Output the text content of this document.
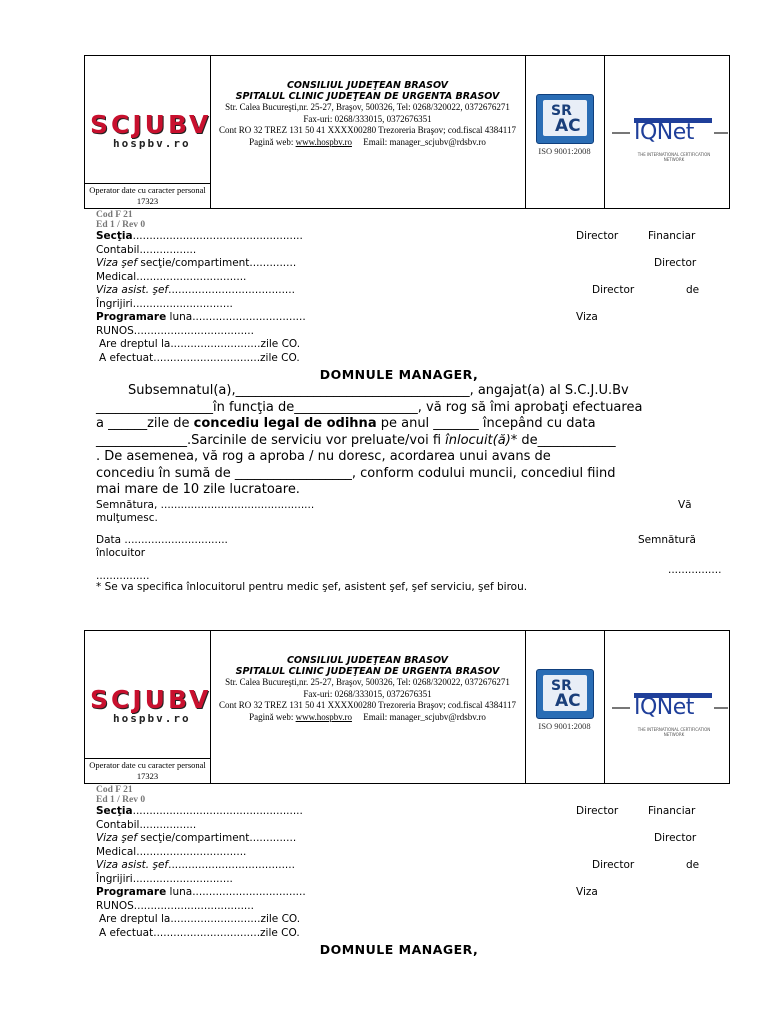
SCJUBV
hospbv.ro
Operator date cu caracter personal 17323
CONSILIUL JUDEŢEAN BRASOV
SPITALUL CLINIC JUDEŢEAN DE URGENTA BRASOV
Str. Calea Bucureşti,nr. 25-27, Braşov, 500326, Tel: 0268/320022, 0372676271
Fax-uri: 0268/333015, 0372676351
Cont RO 32 TREZ 131 50 41 XXXX00280 Trezoreria Braşov; cod.fiscal 4384117
Pagină web: www.hospbv.ro Email: manager_scjubv@rdsbv.ro
SR
AC
ISO 9001:2008
IQNet
THE INTERNATIONAL CERTIFICATION NETWORK
Cod F 21
Ed 1 / Rev 0
Secţia...................................................	Director	Financiar
Contabil.................
Viza şef secţie/compartiment..............	Director
Medical.................................
Viza asist. şef......................................	Director	de
Îngrijiri..............................
Programare luna..................................	Viza
RUNOS....................................
Are dreptul la...........................zile CO.
A efectuat................................zile CO.
DOMNULE MANAGER,
Subsemnatul(a),____________________________________, angajat(a) al S.C.J.U.Bv
__________________în funcţia de___________________, vă rog să îmi aprobaţi efectuarea
a ______zile de concediu legal de odihna pe anul _______ începând cu data
______________.Sarcinile de serviciu vor preluate/voi fi înlocuit(ă)* de____________
. De asemenea, vă rog a aproba / nu doresc, acordarea unui avans de
concediu în sumă de __________________, conform codului muncii, concediul fiind
mai mare de 10 zile lucratoare.
Semnătura, ..............................................	Vă
mulţumesc.
Data ...............................	Semnătură
înlocuitor
................
................
* Se va specifica înlocuitorul pentru medic şef, asistent şef, şef serviciu, şef birou.
SCJUBV
hospbv.ro
Operator date cu caracter personal 17323
CONSILIUL JUDEŢEAN BRASOV
SPITALUL CLINIC JUDEŢEAN DE URGENTA BRASOV
Str. Calea Bucureşti,nr. 25-27, Braşov, 500326, Tel: 0268/320022, 0372676271
Fax-uri: 0268/333015, 0372676351
Cont RO 32 TREZ 131 50 41 XXXX00280 Trezoreria Braşov; cod.fiscal 4384117
Pagină web: www.hospbv.ro Email: manager_scjubv@rdsbv.ro
SR
AC
ISO 9001:2008
IQNet
THE INTERNATIONAL CERTIFICATION NETWORK
Cod F 21
Ed 1 / Rev 0
Secţia...................................................	Director	Financiar
Contabil.................
Viza şef secţie/compartiment..............	Director
Medical.................................
Viza asist. şef......................................	Director	de
Îngrijiri..............................
Programare luna..................................	Viza
RUNOS....................................
Are dreptul la...........................zile CO.
A efectuat................................zile CO.
DOMNULE MANAGER,
